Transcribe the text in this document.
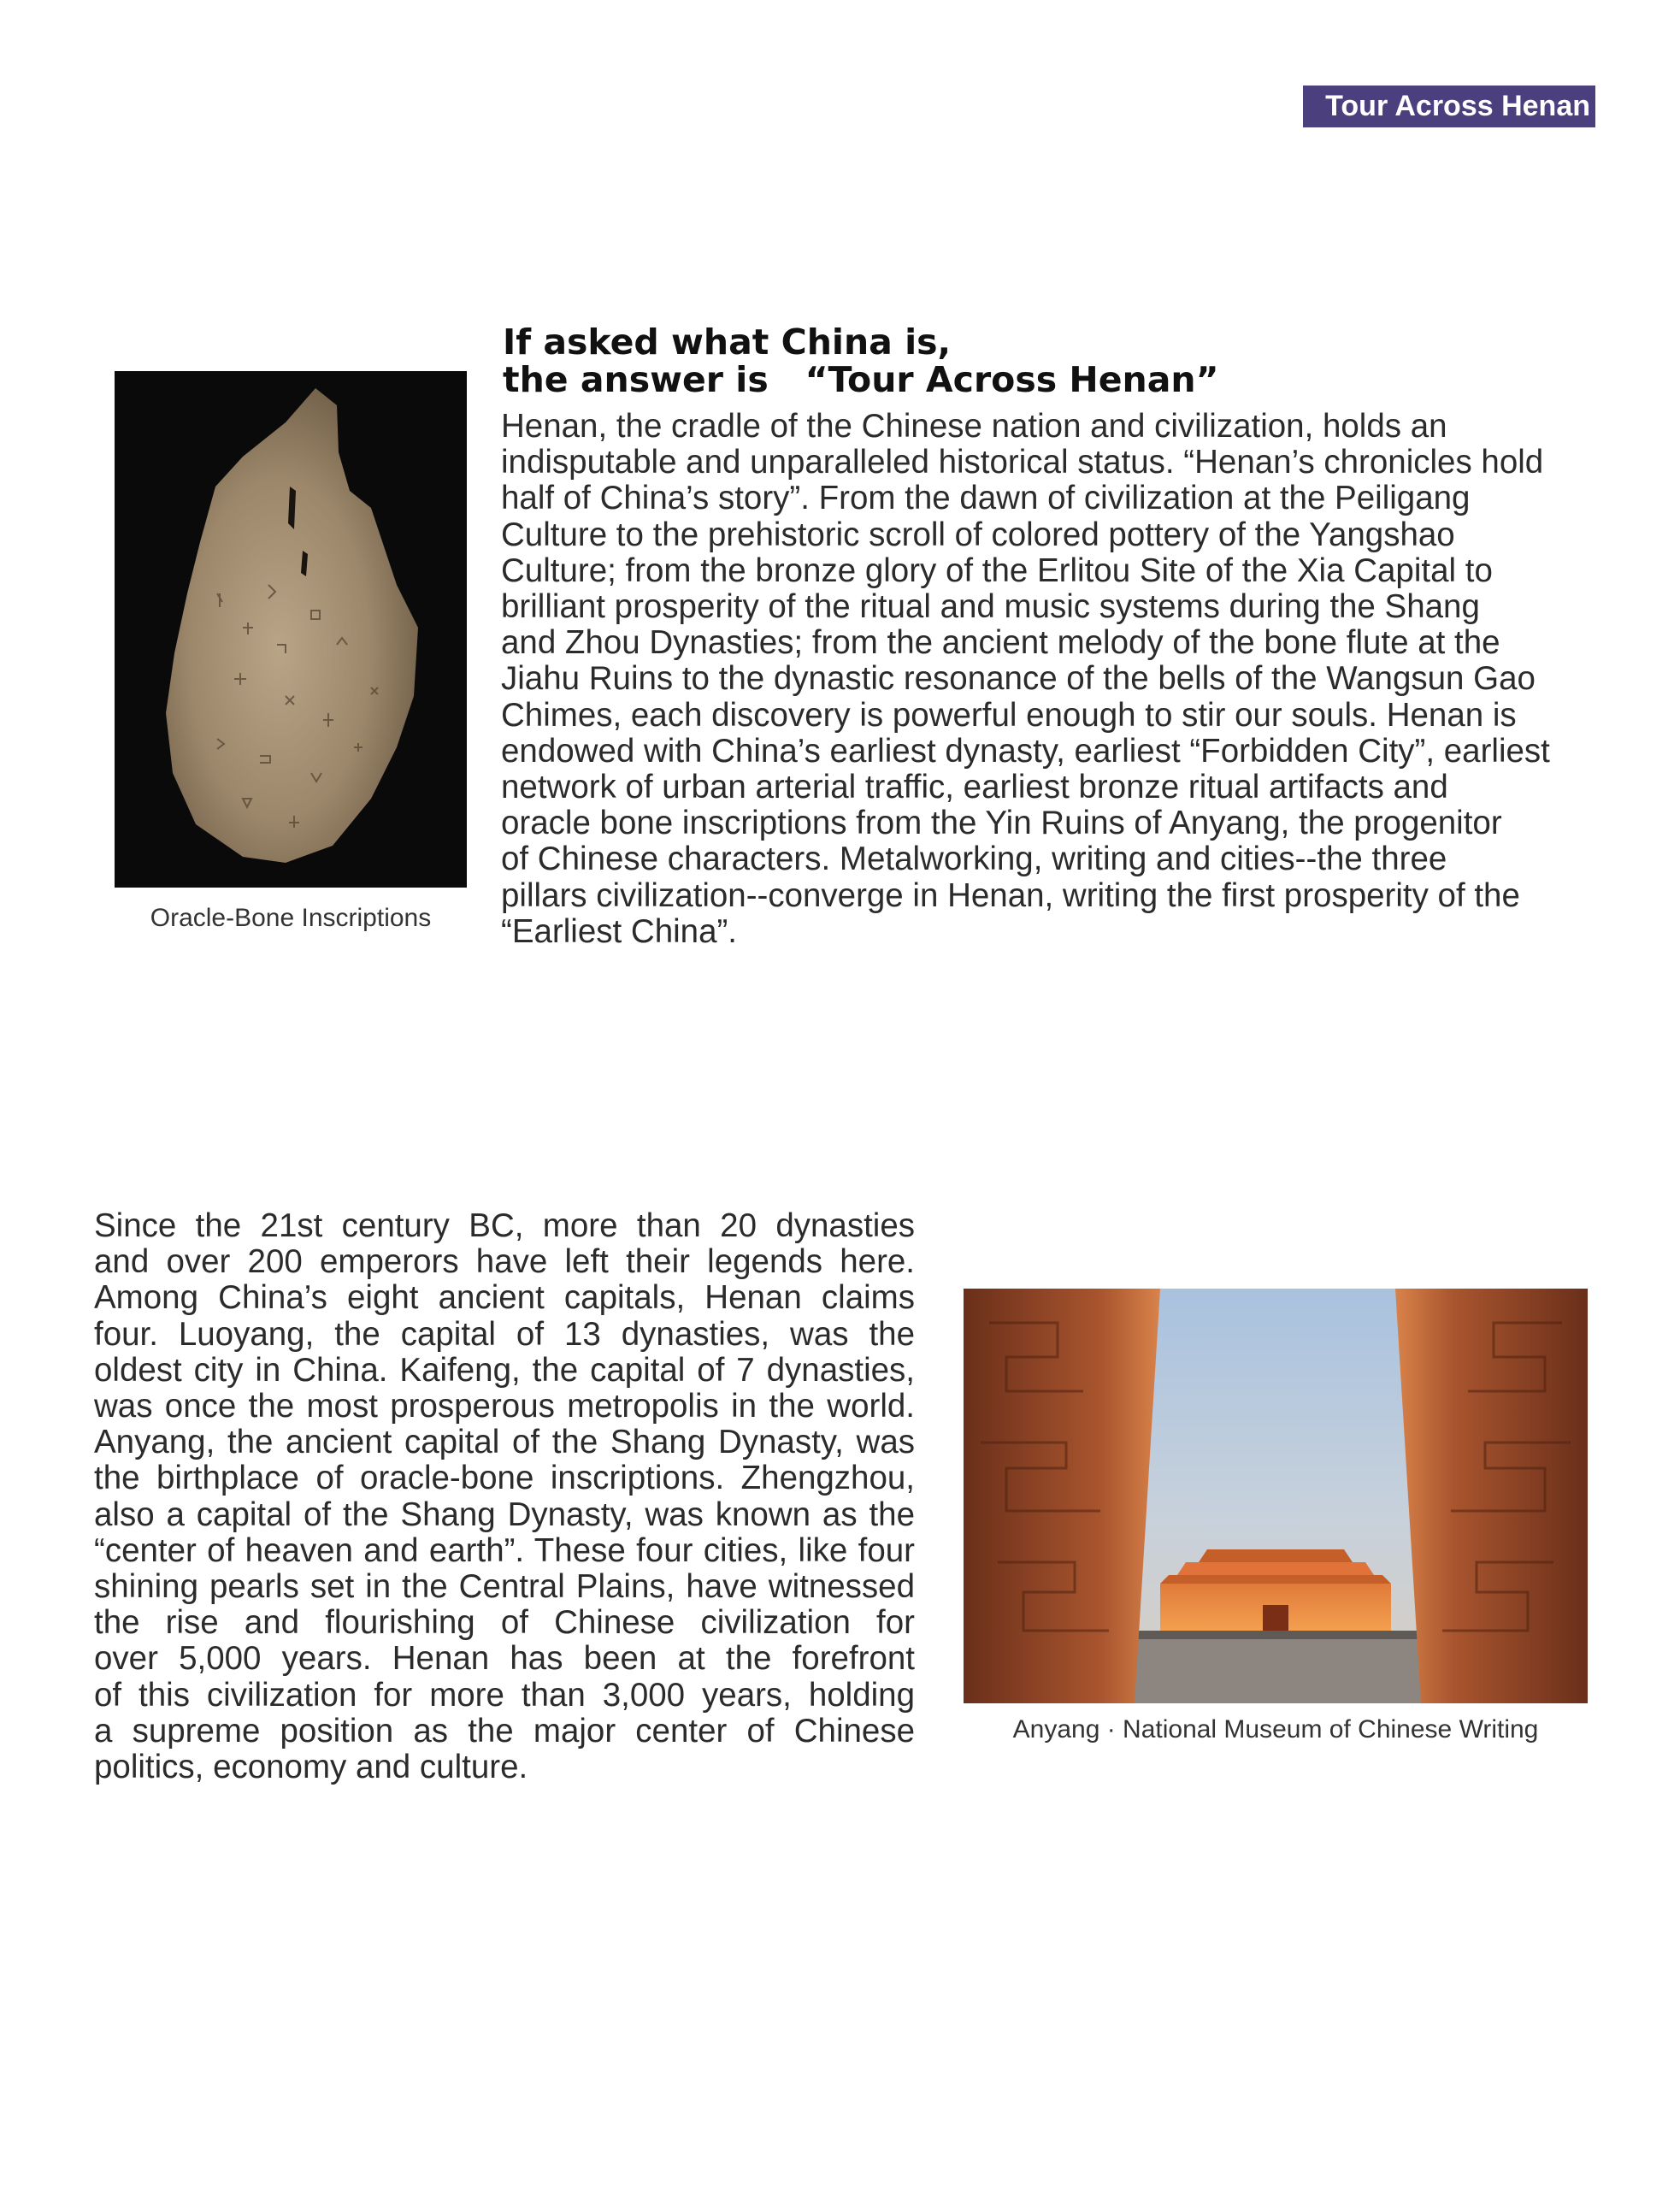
Tour Across Henan
If asked what China is,
the answer is   “Tour Across Henan”
Oracle-Bone Inscriptions
Henan, the cradle of the Chinese nation and civilization, holds an
indisputable and unparalleled historical status. “Henan’s chronicles hold
half of China’s story”. From the dawn of civilization at the Peiligang
Culture to the prehistoric scroll of colored pottery of the Yangshao
Culture; from the bronze glory of the Erlitou Site of the Xia Capital to
brilliant prosperity of the ritual and music systems during the Shang
and Zhou Dynasties; from the ancient melody of the bone flute at the
Jiahu Ruins to the dynastic resonance of the bells of the Wangsun Gao
Chimes, each discovery is powerful enough to stir our souls. Henan is
endowed with China’s earliest dynasty, earliest “Forbidden City”, earliest
network of urban arterial traffic, earliest bronze ritual artifacts and
oracle bone inscriptions from the Yin Ruins of Anyang, the progenitor
of Chinese characters. Metalworking, writing and cities--the three
pillars civilization--converge in Henan, writing the first prosperity of the
“Earliest China”.
Since the 21st century BC, more than 20 dynasties
and over 200 emperors have left their legends here.
Among China’s eight ancient capitals, Henan claims
four. Luoyang, the capital of 13 dynasties, was the
oldest city in China. Kaifeng, the capital of 7 dynasties,
was once the most prosperous metropolis in the world.
Anyang, the ancient capital of the Shang Dynasty, was
the birthplace of oracle-bone inscriptions. Zhengzhou,
also a capital of the Shang Dynasty, was known as the
“center of heaven and earth”. These four cities, like four
shining pearls set in the Central Plains, have witnessed
the rise and flourishing of Chinese civilization for
over 5,000 years. Henan has been at the forefront
of this civilization for more than 3,000 years, holding
a supreme position as the major center of Chinese
politics, economy and culture.
Anyang · National Museum of Chinese Writing
